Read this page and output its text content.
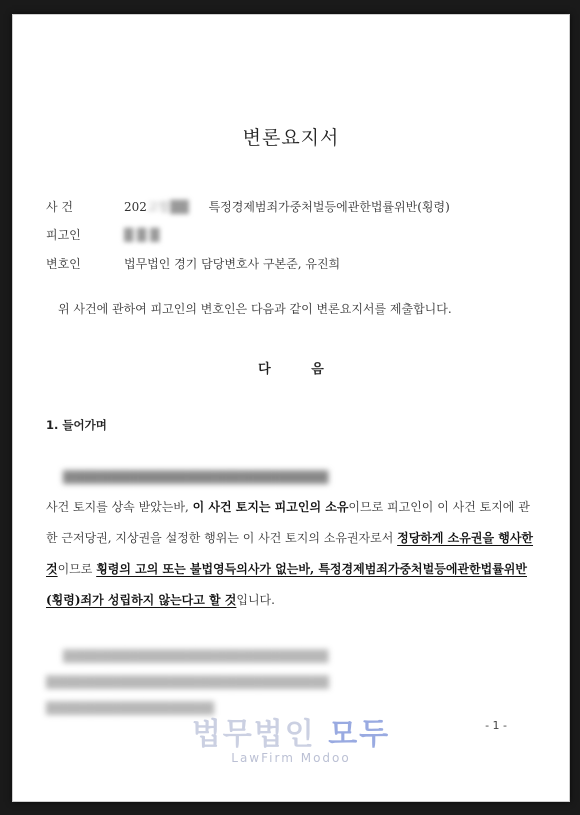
변론요지서
사 건	202고합██ 특정경제범죄가중처벌등에관한법률위반(횡령)
피고인	█ █ █
변호인	법무법인 경기 담당변호사 구본준, 유진희
위 사건에 관하여 피고인의 변호인은 다음과 같이 변론요지서를 제출합니다.
다 음
1. 들어가며
██████████████████████████████
사건 토지를 상속 받았는바, 이 사건 토지는 피고인의 소유이므로 피고인이 이 사건 토지에 관한 근저당권, 지상권을 설정한 행위는 이 사건 토지의 소유권자로서 정당하게 소유권을 행사한 것이므로 횡령의 고의 또는 불법영득의사가 없는바, 특정경제범죄가중처벌등에관한법률위반(횡령)죄가 성립하지 않는다고 할 것입니다.
██████████████████████████████
████████████████████████████████
███████████████████
법무법인 모두
LawFirm Modoo
- 1 -
